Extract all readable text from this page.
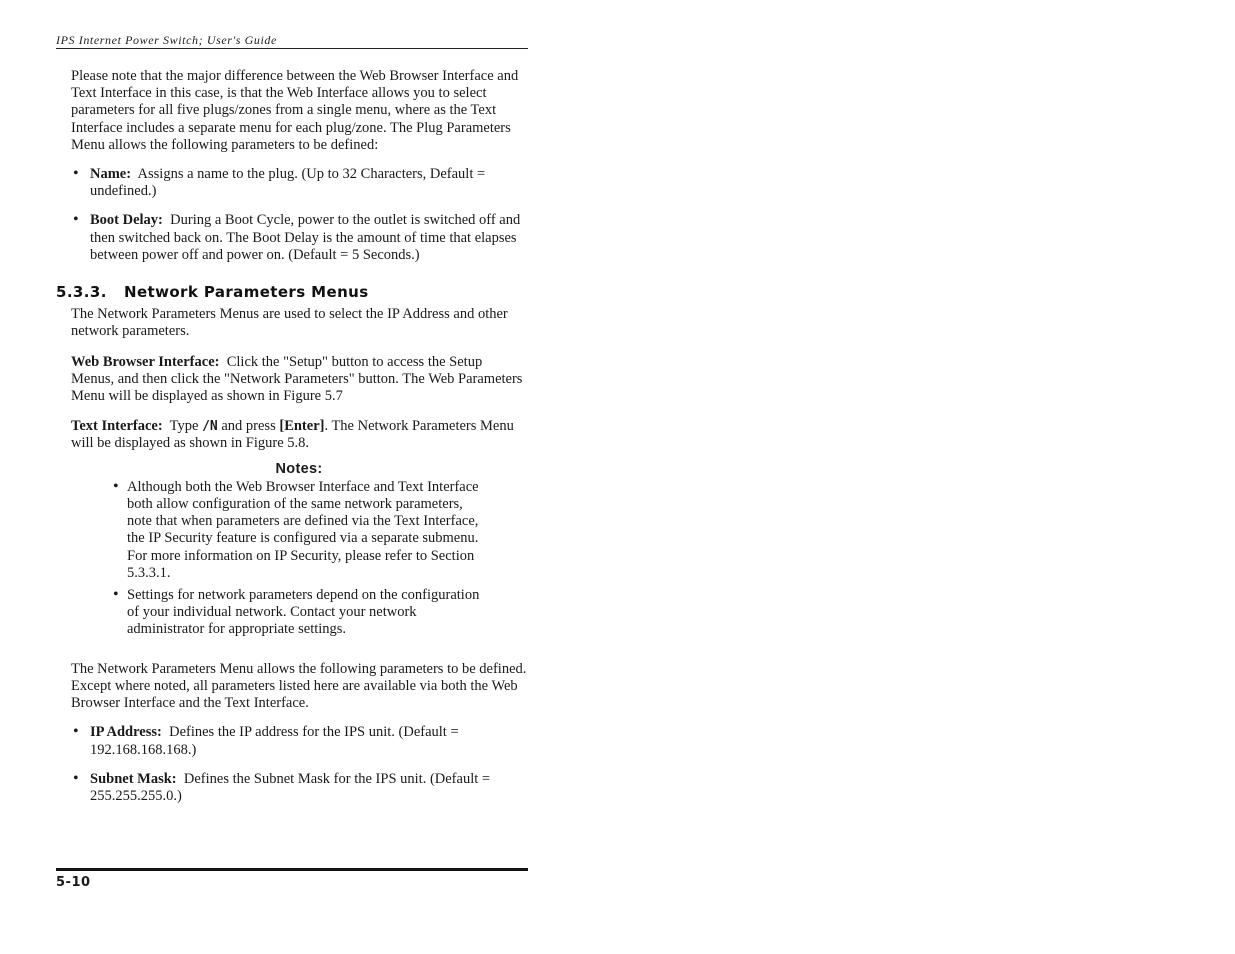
IPS Internet Power Switch; User's Guide

Please note that the major difference between the Web Browser Interface and Text Interface in this case, is that the Web Interface allows you to select parameters for all five plugs/zones from a single menu, where as the Text Interface includes a separate menu for each plug/zone. The Plug Parameters Menu allows the following parameters to be defined:

• Name: Assigns a name to the plug. (Up to 32 Characters, Default = undefined.)
• Boot Delay: During a Boot Cycle, power to the outlet is switched off and then switched back on. The Boot Delay is the amount of time that elapses between power off and power on. (Default = 5 Seconds.)
5.3.3. Network Parameters Menus

The Network Parameters Menus are used to select the IP Address and other network parameters.

Web Browser Interface: Click the "Setup" button to access the Setup Menus, and then click the "Network Parameters" button. The Web Parameters Menu will be displayed as shown in Figure 5.7

Text Interface: Type /N and press [Enter]. The Network Parameters Menu will be displayed as shown in Figure 5.8.

Notes:
• Although both the Web Browser Interface and Text Interface both allow configuration of the same network parameters, note that when parameters are defined via the Text Interface, the IP Security feature is configured via a separate submenu. For more information on IP Security, please refer to Section 5.3.3.1.
• Settings for network parameters depend on the configuration of your individual network. Contact your network administrator for appropriate settings.

The Network Parameters Menu allows the following parameters to be defined. Except where noted, all parameters listed here are available via both the Web Browser Interface and the Text Interface.

• IP Address: Defines the IP address for the IPS unit. (Default = 192.168.168.168.)
• Subnet Mask: Defines the Subnet Mask for the IPS unit. (Default = 255.255.255.0.)
5-10
